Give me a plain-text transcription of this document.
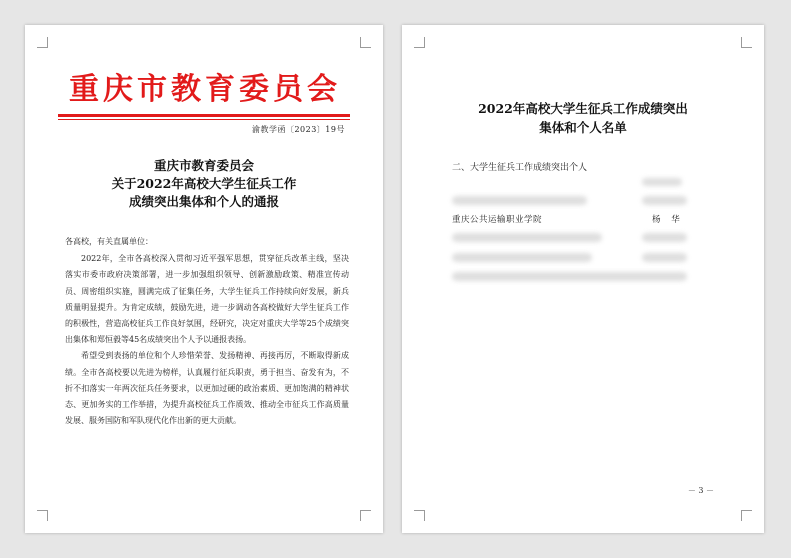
重庆市教育委员会
渝教学函〔2023〕19号
重庆市教育委员会
关于2022年高校大学生征兵工作
成绩突出集体和个人的通报

各高校，有关直属单位：

2022年，全市各高校深入贯彻习近平强军思想，贯穿征兵改革主线，坚决落实市委市政府决策部署，进一步加强组织领导、创新激励政策、精准宣传动员、周密组织实施，圆满完成了征集任务，大学生征兵工作持续向好发展，新兵质量明显提升。为肯定成绩，鼓励先进，进一步调动各高校做好大学生征兵工作的积极性，营造高校征兵工作良好氛围，经研究，决定对重庆大学等25个成绩突出集体和郑恒毅等45名成绩突出个人予以通报表扬。

希望受到表扬的单位和个人珍惜荣誉、发扬精神、再接再厉，不断取得新成绩。全市各高校要以先进为榜样，认真履行征兵职责，勇于担当、奋发有为，不折不扣落实一年两次征兵任务要求，以更加过硬的政治素质、更加饱满的精神状态、更加务实的工作举措，为提升高校征兵工作质效、推动全市征兵工作高质量发展、服务国防和军队现代化作出新的更大贡献。

2022年高校大学生征兵工作成绩突出
集体和个人名单
二、大学生征兵工作成绩突出个人
重庆公共运输职业学院	杨 华
－ 3 －
